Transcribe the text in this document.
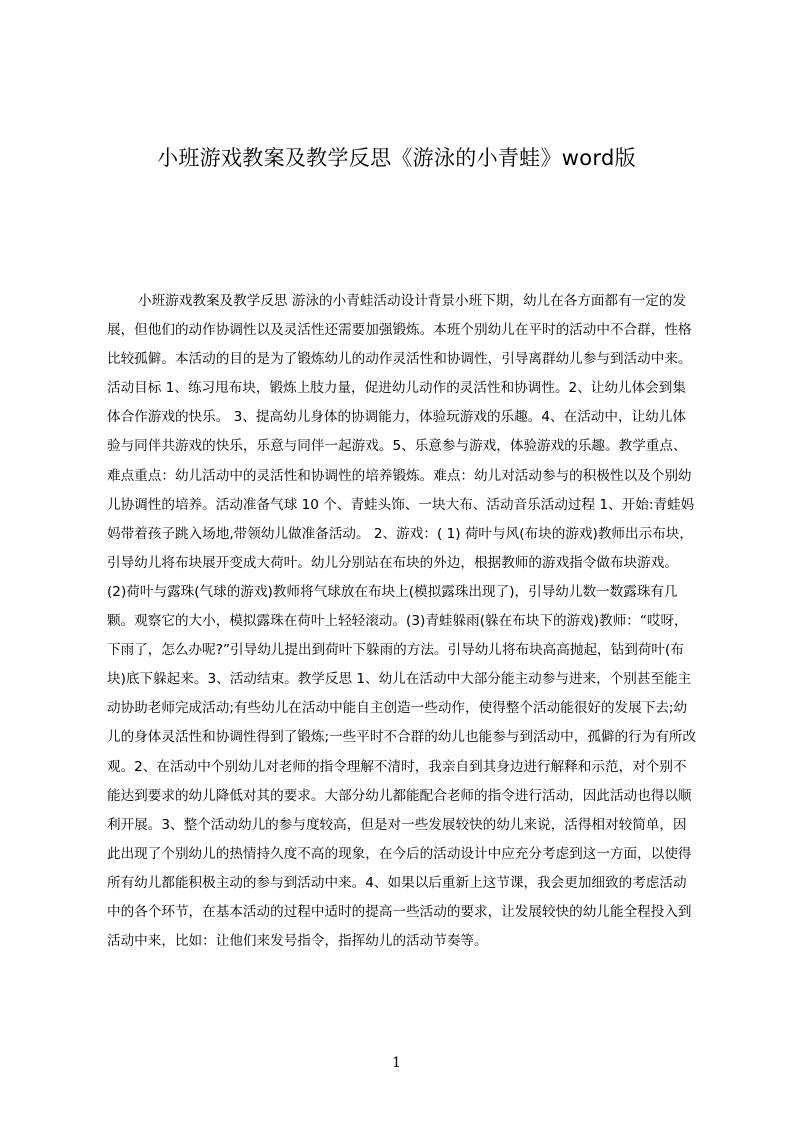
小班游戏教案及教学反思《游泳的小青蛙》word版

小班游戏教案及教学反思 游泳的小青蛙活动设计背景小班下期，幼儿在各方面都有一定的发展，但他们的动作协调性以及灵活性还需要加强锻炼。本班个别幼儿在平时的活动中不合群，性格比较孤僻。本活动的目的是为了锻炼幼儿的动作灵活性和协调性，引导离群幼儿参与到活动中来。活动目标 1、练习甩布块，锻炼上肢力量，促进幼儿动作的灵活性和协调性。2、让幼儿体会到集体合作游戏的快乐。 3、提高幼儿身体的协调能力，体验玩游戏的乐趣。4、在活动中，让幼儿体验与同伴共游戏的快乐，乐意与同伴一起游戏。5、乐意参与游戏，体验游戏的乐趣。教学重点、难点重点：幼儿活动中的灵活性和协调性的培养锻炼。难点：幼儿对活动参与的积极性以及个别幼儿协调性的培养。活动准备气球 10 个、青蛙头饰、一块大布、活动音乐活动过程 1、开始:青蛙妈妈带着孩子跳入场地,带领幼儿做准备活动。 2、游戏：( 1) 荷叶与风(布块的游戏)教师出示布块，引导幼儿将布块展开变成大荷叶。幼儿分别站在布块的外边，根据教师的游戏指令做布块游戏。(2)荷叶与露珠(气球的游戏)教师将气球放在布块上(模拟露珠出现了)，引导幼儿数一数露珠有几颗。观察它的大小，模拟露珠在荷叶上轻轻滚动。(3)青蛙躲雨(躲在布块下的游戏)教师：“哎呀，下雨了，怎么办呢?”引导幼儿提出到荷叶下躲雨的方法。引导幼儿将布块高高抛起，钻到荷叶(布块)底下躲起来。3、活动结束。教学反思 1、幼儿在活动中大部分能主动参与进来，个别甚至能主动协助老师完成活动;有些幼儿在活动中能自主创造一些动作，使得整个活动能很好的发展下去;幼儿的身体灵活性和协调性得到了锻炼;一些平时不合群的幼儿也能参与到活动中，孤僻的行为有所改观。2、在活动中个别幼儿对老师的指令理解不清时，我亲自到其身边进行解释和示范，对个别不能达到要求的幼儿降低对其的要求。大部分幼儿都能配合老师的指令进行活动，因此活动也得以顺利开展。3、整个活动幼儿的参与度较高，但是对一些发展较快的幼儿来说，活得相对较简单，因此出现了个别幼儿的热情持久度不高的现象，在今后的活动设计中应充分考虑到这一方面，以使得所有幼儿都能积极主动的参与到活动中来。4、如果以后重新上这节课，我会更加细致的考虑活动中的各个环节，在基本活动的过程中适时的提高一些活动的要求，让发展较快的幼儿能全程投入到活动中来，比如：让他们来发号指令，指挥幼儿的活动节奏等。

1
